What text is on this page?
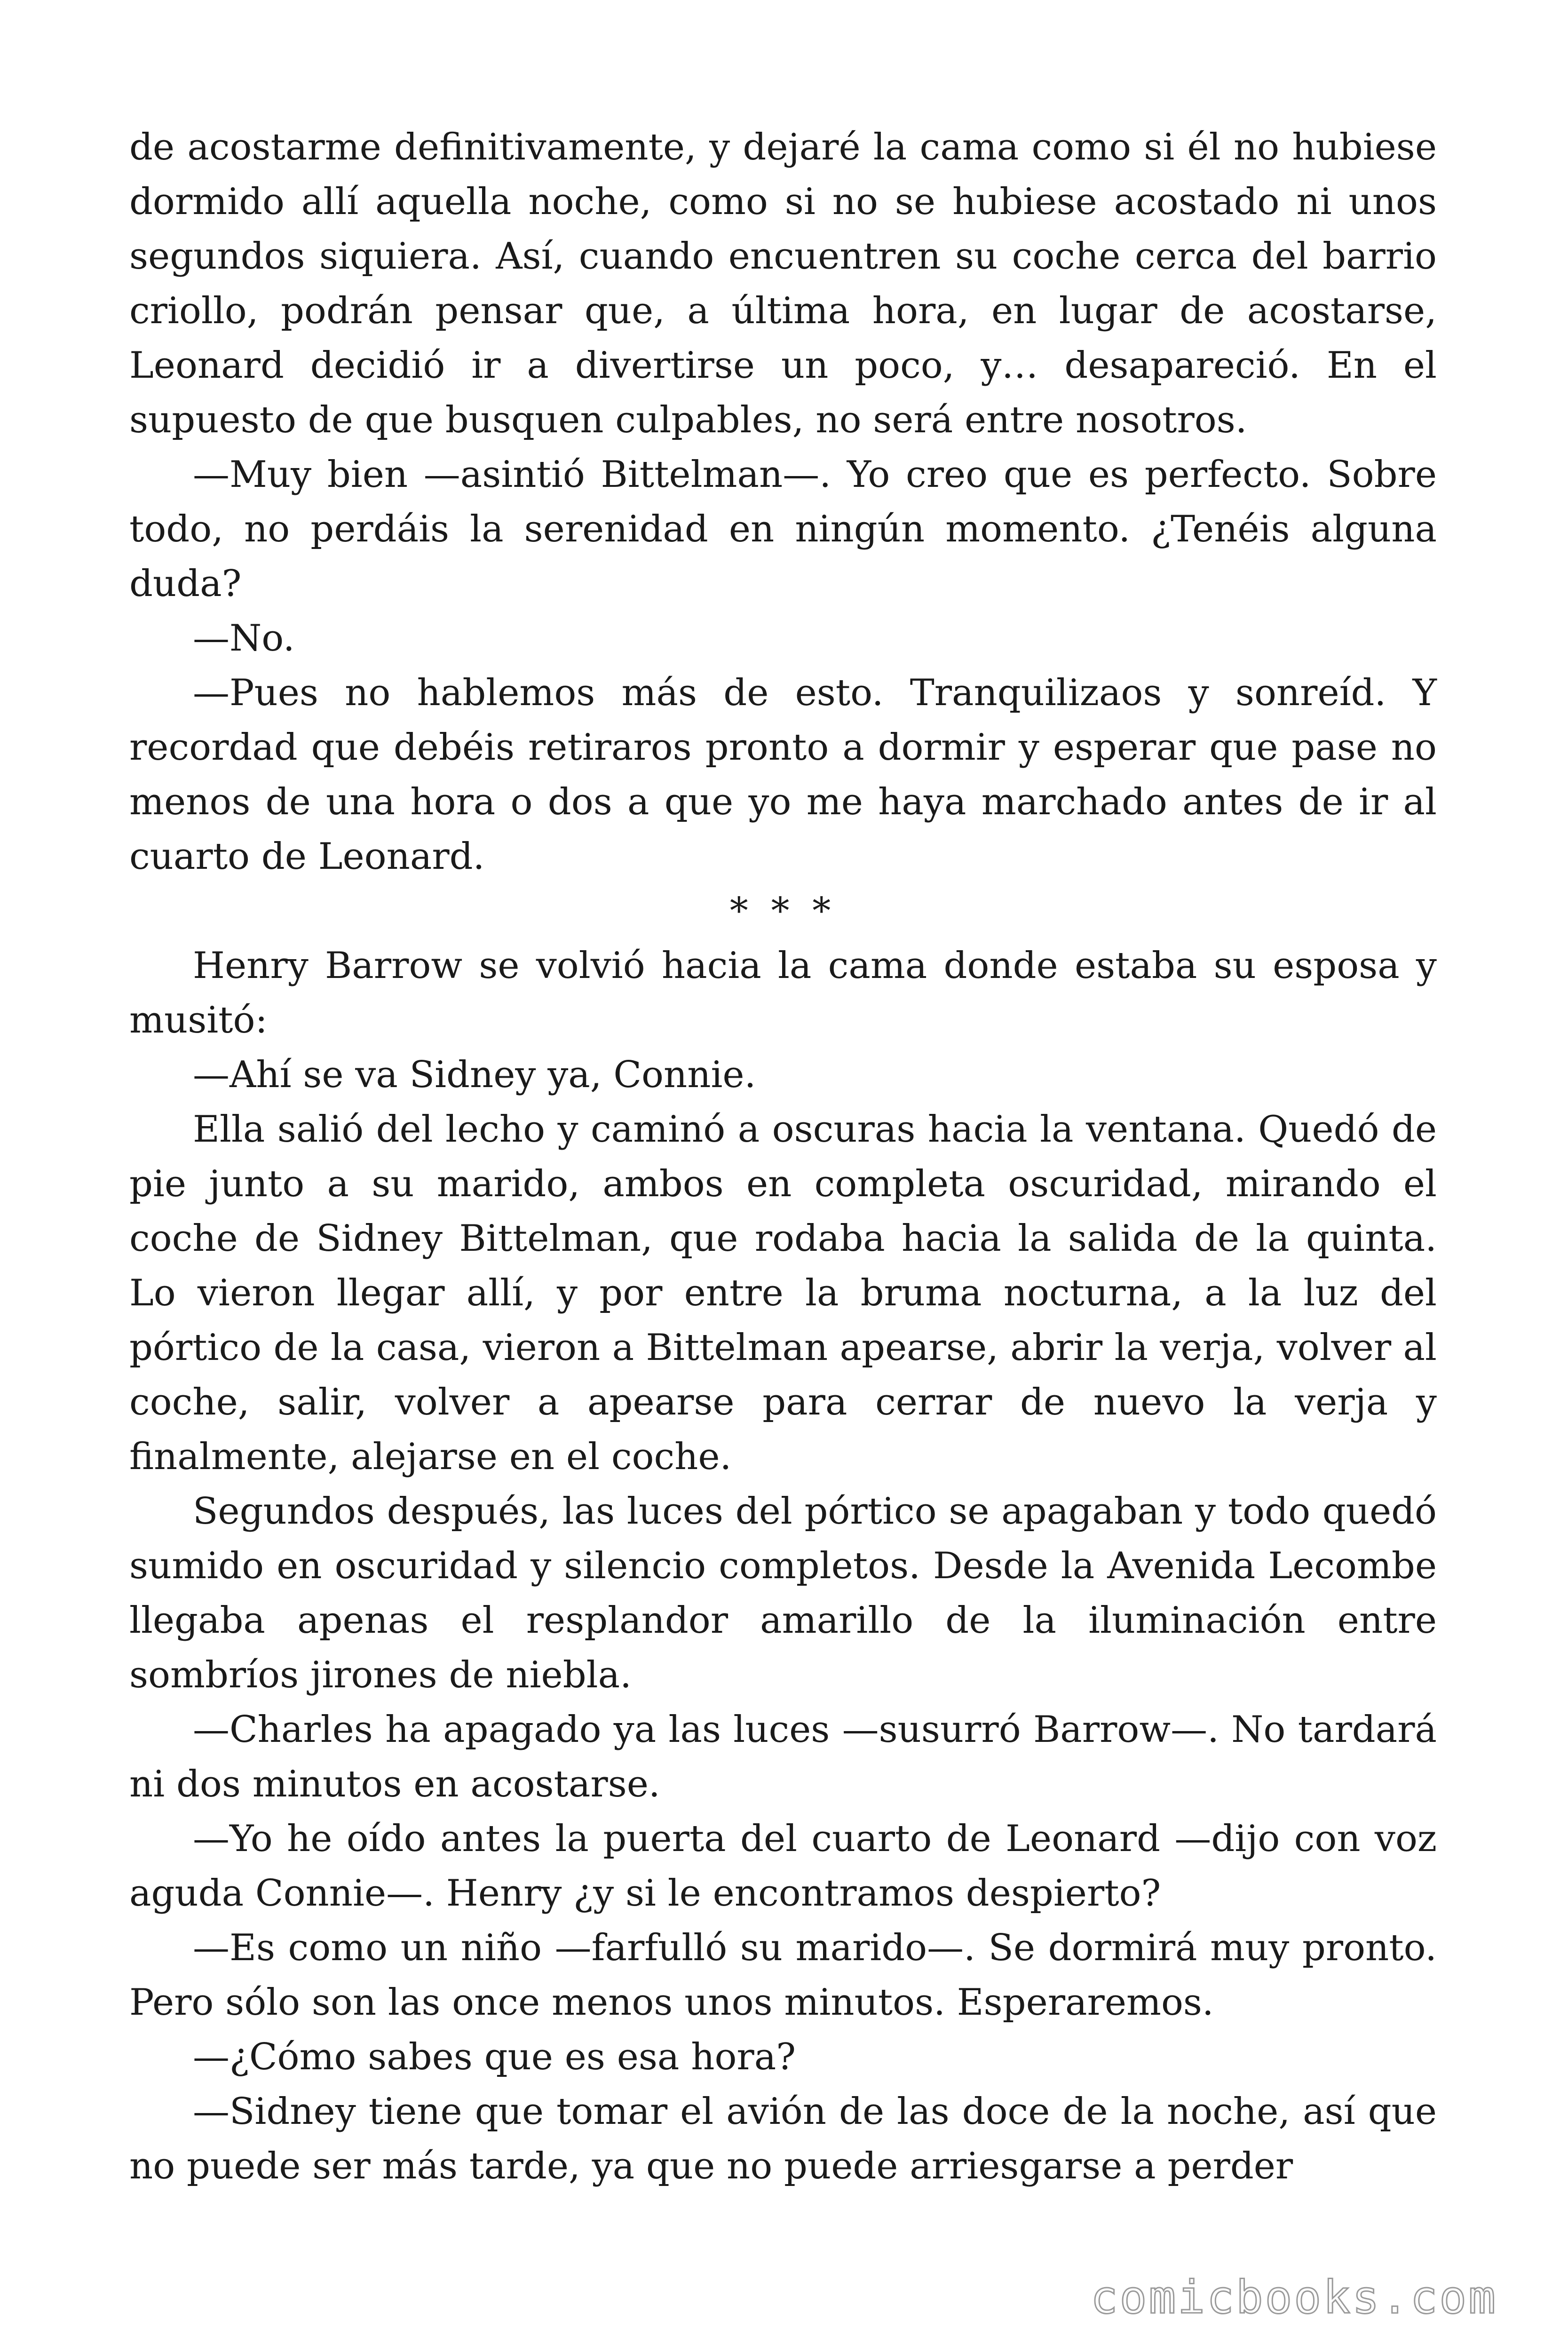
de acostarme definitivamente, y dejaré la cama como si él no hubiese dormido allí aquella noche, como si no se hubiese acostado ni unos segundos siquiera. Así, cuando encuentren su coche cerca del barrio criollo, podrán pensar que, a última hora, en lugar de acostarse, Leonard decidió ir a divertirse un poco, y… desapareció. En el supuesto de que busquen culpables, no será entre nosotros.

—Muy bien —asintió Bittelman—. Yo creo que es perfecto. Sobre todo, no perdáis la serenidad en ningún momento. ¿Tenéis alguna duda?

—No.

—Pues no hablemos más de esto. Tranquilizaos y sonreíd. Y recordad que debéis retiraros pronto a dormir y esperar que pase no menos de una hora o dos a que yo me haya marchado antes de ir al cuarto de Leonard.

* * *

Henry Barrow se volvió hacia la cama donde estaba su esposa y musitó:

—Ahí se va Sidney ya, Connie.

Ella salió del lecho y caminó a oscuras hacia la ventana. Quedó de pie junto a su marido, ambos en completa oscuridad, mirando el coche de Sidney Bittelman, que rodaba hacia la salida de la quinta. Lo vieron llegar allí, y por entre la bruma nocturna, a la luz del pórtico de la casa, vieron a Bittelman apearse, abrir la verja, volver al coche, salir, volver a apearse para cerrar de nuevo la verja y finalmente, alejarse en el coche.

Segundos después, las luces del pórtico se apagaban y todo quedó sumido en oscuridad y silencio completos. Desde la Avenida Lecombe llegaba apenas el resplandor amarillo de la iluminación entre sombríos jirones de niebla.

—Charles ha apagado ya las luces —susurró Barrow—. No tardará ni dos minutos en acostarse.

—Yo he oído antes la puerta del cuarto de Leonard —dijo con voz aguda Connie—. Henry ¿y si le encontramos despierto?

—Es como un niño —farfulló su marido—. Se dormirá muy pronto. Pero sólo son las once menos unos minutos. Esperaremos.

—¿Cómo sabes que es esa hora?

—Sidney tiene que tomar el avión de las doce de la noche, así que no puede ser más tarde, ya que no puede arriesgarse a perder

comicbooks.com
